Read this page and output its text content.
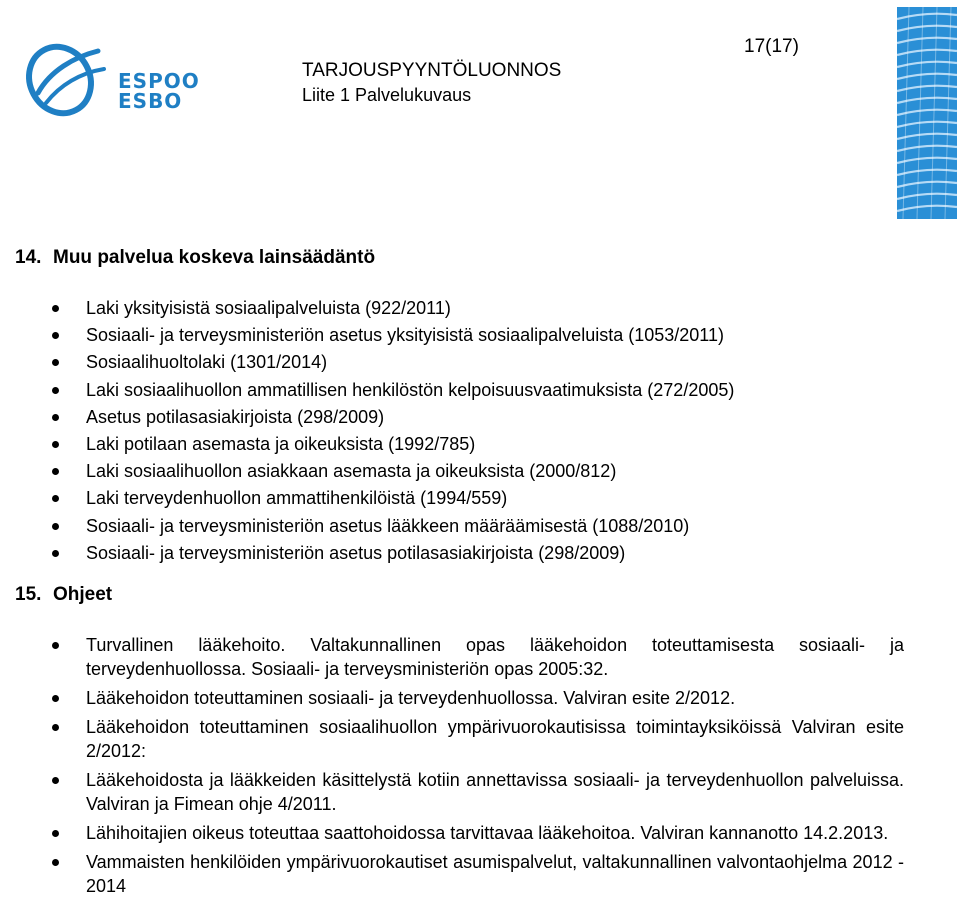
ESPOO
ESBO
TARJOUSPYYNTÖLUONNOS
Liite 1 Palvelukuvaus
17(17)
14. Muu palvelua koskeva lainsäädäntö
Laki yksityisistä sosiaalipalveluista (922/2011)
Sosiaali- ja terveysministeriön asetus yksityisistä sosiaalipalveluista (1053/2011)
Sosiaalihuoltolaki (1301/2014)
Laki sosiaalihuollon ammatillisen henkilöstön kelpoisuusvaatimuksista (272/2005)
Asetus potilasasiakirjoista (298/2009)
Laki potilaan asemasta ja oikeuksista (1992/785)
Laki sosiaalihuollon asiakkaan asemasta ja oikeuksista (2000/812)
Laki terveydenhuollon ammattihenkilöistä (1994/559)
Sosiaali- ja terveysministeriön asetus lääkkeen määräämisestä (1088/2010)
Sosiaali- ja terveysministeriön asetus potilasasiakirjoista (298/2009)
15. Ohjeet
Turvallinen lääkehoito. Valtakunnallinen opas lääkehoidon toteuttamisesta sosiaali- ja terveydenhuollossa. Sosiaali- ja terveysministeriön opas 2005:32.
Lääkehoidon toteuttaminen sosiaali- ja terveydenhuollossa. Valviran esite 2/2012.
Lääkehoidon toteuttaminen sosiaalihuollon ympärivuorokautisissa toimintayksiköissä Valviran esite 2/2012:
Lääkehoidosta ja lääkkeiden käsittelystä kotiin annettavissa sosiaali- ja terveydenhuollon palveluissa. Valviran ja Fimean ohje 4/2011.
Lähihoitajien oikeus toteuttaa saattohoidossa tarvittavaa lääkehoitoa. Valviran kannanotto 14.2.2013.
Vammaisten henkilöiden ympärivuorokautiset asumispalvelut, valtakunnallinen valvontaohjelma 2012 - 2014
